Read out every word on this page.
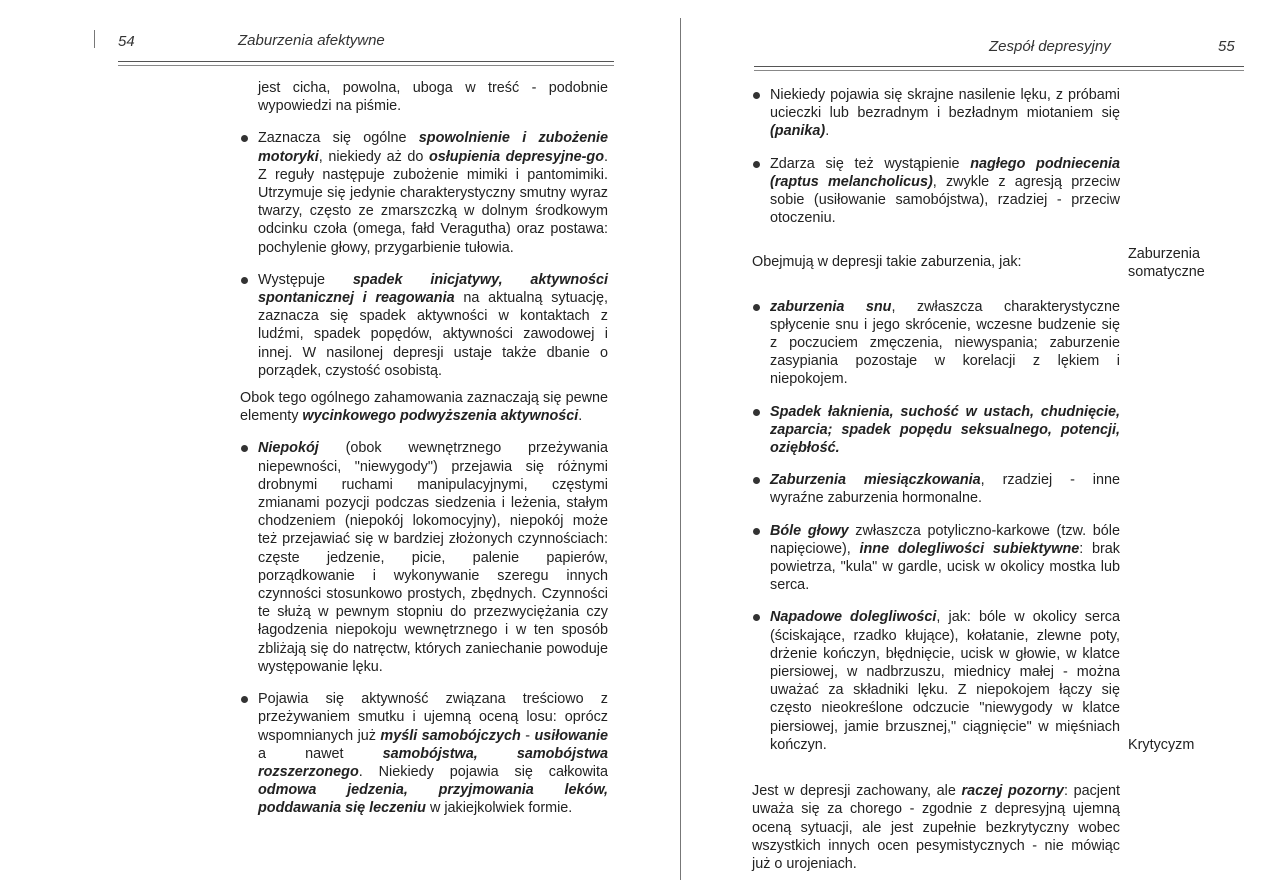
54	Zaburzenia afektywne

jest cicha, powolna, uboga w treść - podobnie wypowiedzi na piśmie.

Zaznacza się ogólne spowolnienie i zubożenie motoryki, niekiedy aż do osłupienia depresyjne-go. Z reguły następuje zubożenie mimiki i pantomimiki. Utrzymuje się jedynie charakterystyczny smutny wyraz twarzy, często ze zmarszczką w dolnym środkowym odcinku czoła (omega, fałd Veragutha) oraz postawa: pochylenie głowy, przygarbienie tułowia.

Występuje spadek inicjatywy, aktywności spontanicznej i reagowania na aktualną sytuację, zaznacza się spadek aktywności w kontaktach z ludźmi, spadek popędów, aktywności zawodowej i innej. W nasilonej depresji ustaje także dbanie o porządek, czystość osobistą.

Obok tego ogólnego zahamowania zaznaczają się pewne elementy wycinkowego podwyższenia aktywności.

Niepokój (obok wewnętrznego przeżywania niepewności, "niewygody") przejawia się różnymi drobnymi ruchami manipulacyjnymi, częstymi zmianami pozycji podczas siedzenia i leżenia, stałym chodzeniem (niepokój lokomocyjny), niepokój może też przejawiać się w bardziej złożonych czynnościach: częste jedzenie, picie, palenie papierów, porządkowanie i wykonywanie szeregu innych czynności stosunkowo prostych, zbędnych. Czynności te służą w pewnym stopniu do przezwyciężania czy łagodzenia niepokoju wewnętrznego i w ten sposób zbliżają się do natręctw, których zaniechanie powoduje występowanie lęku.

Pojawia się aktywność związana treściowo z przeżywaniem smutku i ujemną oceną losu: oprócz wspomnianych już myśli samobójczych - usiłowanie a nawet samobójstwa, samobójstwa rozszerzonego. Niekiedy pojawia się całkowita odmowa jedzenia, przyjmowania leków, poddawania się leczeniu w jakiejkolwiek formie.

Zespół depresyjny	55

Niekiedy pojawia się skrajne nasilenie lęku, z próbami ucieczki lub bezradnym i bezładnym miotaniem się (panika).

Zdarza się też wystąpienie nagłego podniecenia (raptus melancholicus), zwykle z agresją przeciw sobie (usiłowanie samobójstwa), rzadziej - przeciw otoczeniu.

Obejmują w depresji takie zaburzenia, jak:

zaburzenia snu, zwłaszcza charakterystyczne spłycenie snu i jego skrócenie, wczesne budzenie się z poczuciem zmęczenia, niewyspania; zaburzenie zasypiania pozostaje w korelacji z lękiem i niepokojem.

Spadek łaknienia, suchość w ustach, chudnięcie, zaparcia; spadek popędu seksualnego, potencji, oziębłość.

Zaburzenia miesiączkowania, rzadziej - inne wyraźne zaburzenia hormonalne.

Bóle głowy zwłaszcza potyliczno-karkowe (tzw. bóle napięciowe), inne dolegliwości subiektywne: brak powietrza, "kula" w gardle, ucisk w okolicy mostka lub serca.

Napadowe dolegliwości, jak: bóle w okolicy serca (ściskające, rzadko kłujące), kołatanie, zlewne poty, drżenie kończyn, błędnięcie, ucisk w głowie, w klatce piersiowej, w nadbrzuszu, miednicy małej - można uważać za składniki lęku. Z niepokojem łączy się często nieokreślone odczucie "niewygody w klatce piersiowej, jamie brzusznej," ciągnięcie" w mięśniach kończyn.

Jest w depresji zachowany, ale raczej pozorny: pacjent uważa się za chorego - zgodnie z depresyjną ujemną oceną sytuacji, ale jest zupełnie bezkrytyczny wobec wszystkich innych ocen pesymistycznych - nie mówiąc już o urojeniach.

Zaburzenia
somatyczne
Krytycyzm
